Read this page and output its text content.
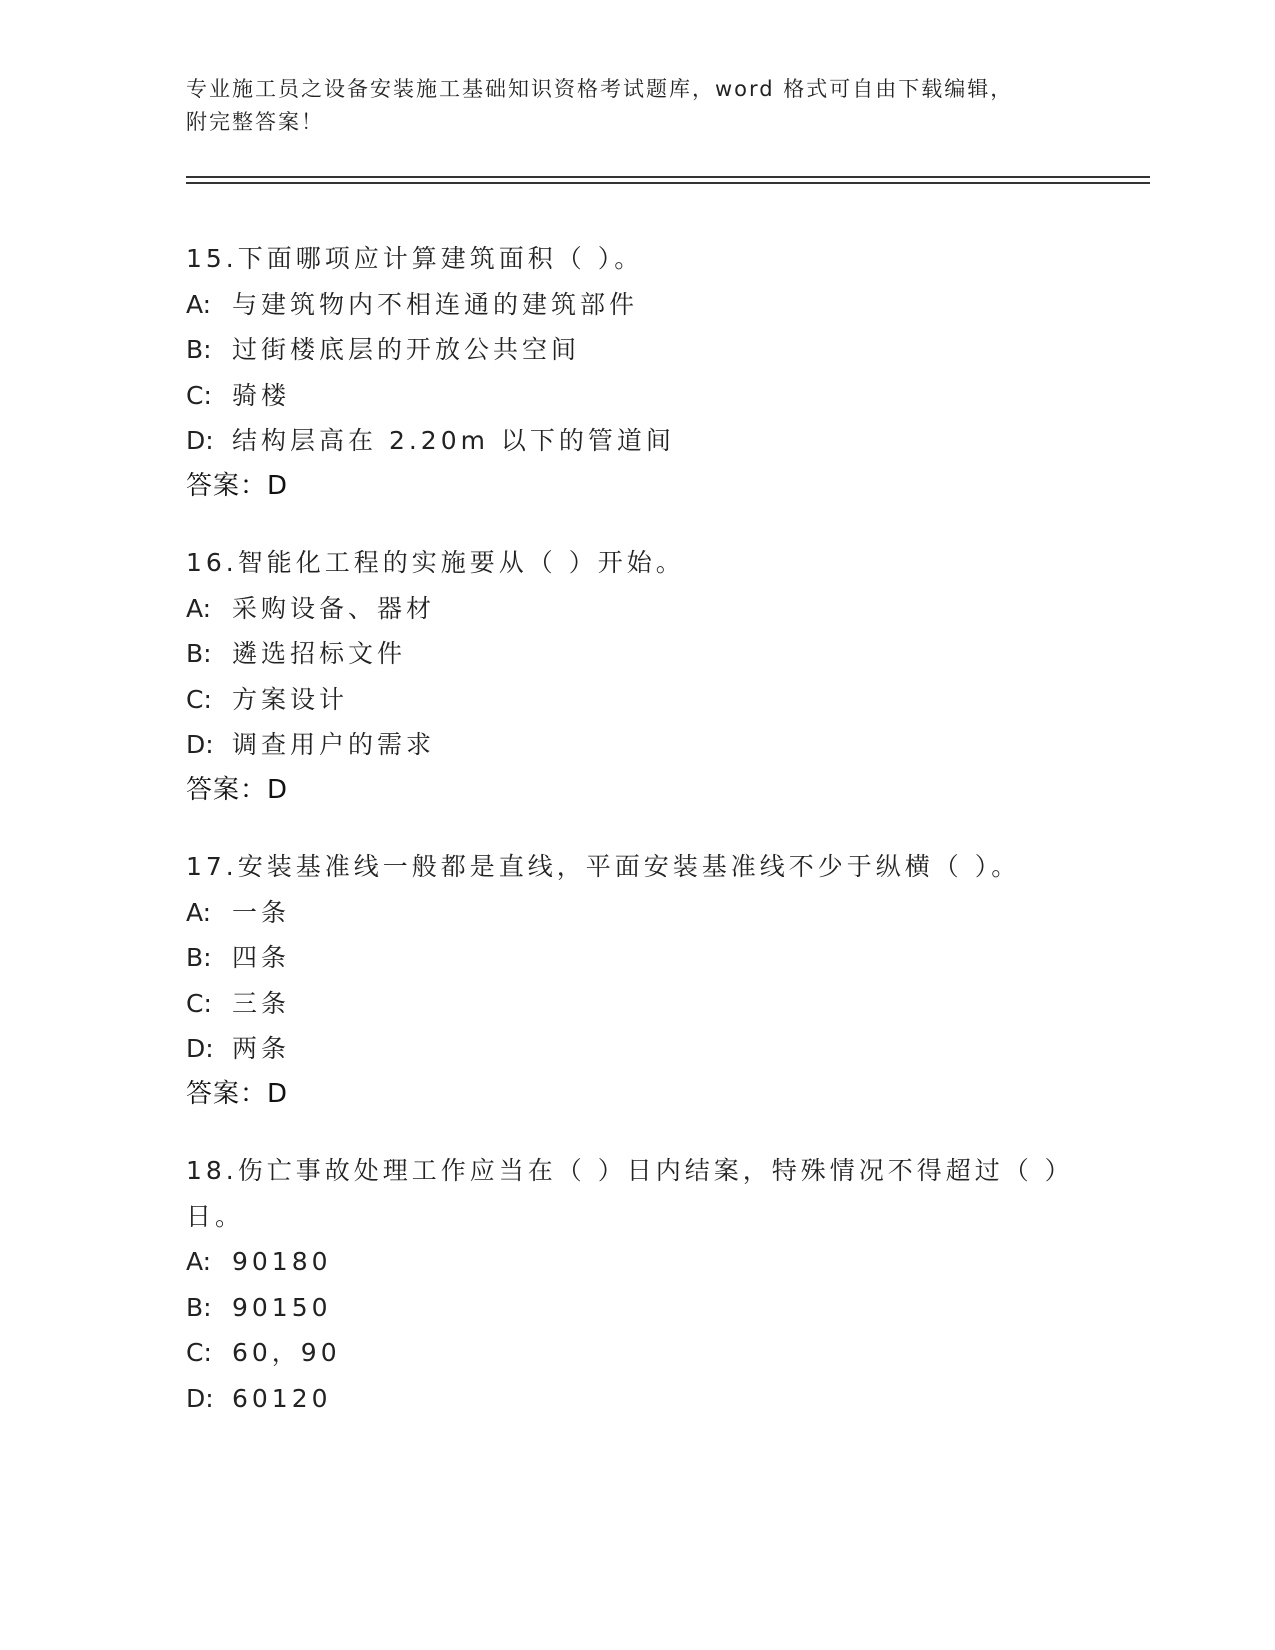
专业施工员之设备安装施工基础知识资格考试题库，word 格式可自由下载编辑，
附完整答案！
15.下面哪项应计算建筑面积（ ）。
A: 与建筑物内不相连通的建筑部件
B: 过街楼底层的开放公共空间
C: 骑楼
D: 结构层高在 2.20m 以下的管道间
答案：D
16.智能化工程的实施要从（ ）开始。
A: 采购设备、器材
B: 遴选招标文件
C: 方案设计
D: 调查用户的需求
答案：D
17.安装基准线一般都是直线，平面安装基准线不少于纵横（ ）。
A: 一条
B: 四条
C: 三条
D: 两条
答案：D
18.伤亡事故处理工作应当在（ ）日内结案，特殊情况不得超过（ ）日。
A: 90180
B: 90150
C: 60，90
D: 60120
